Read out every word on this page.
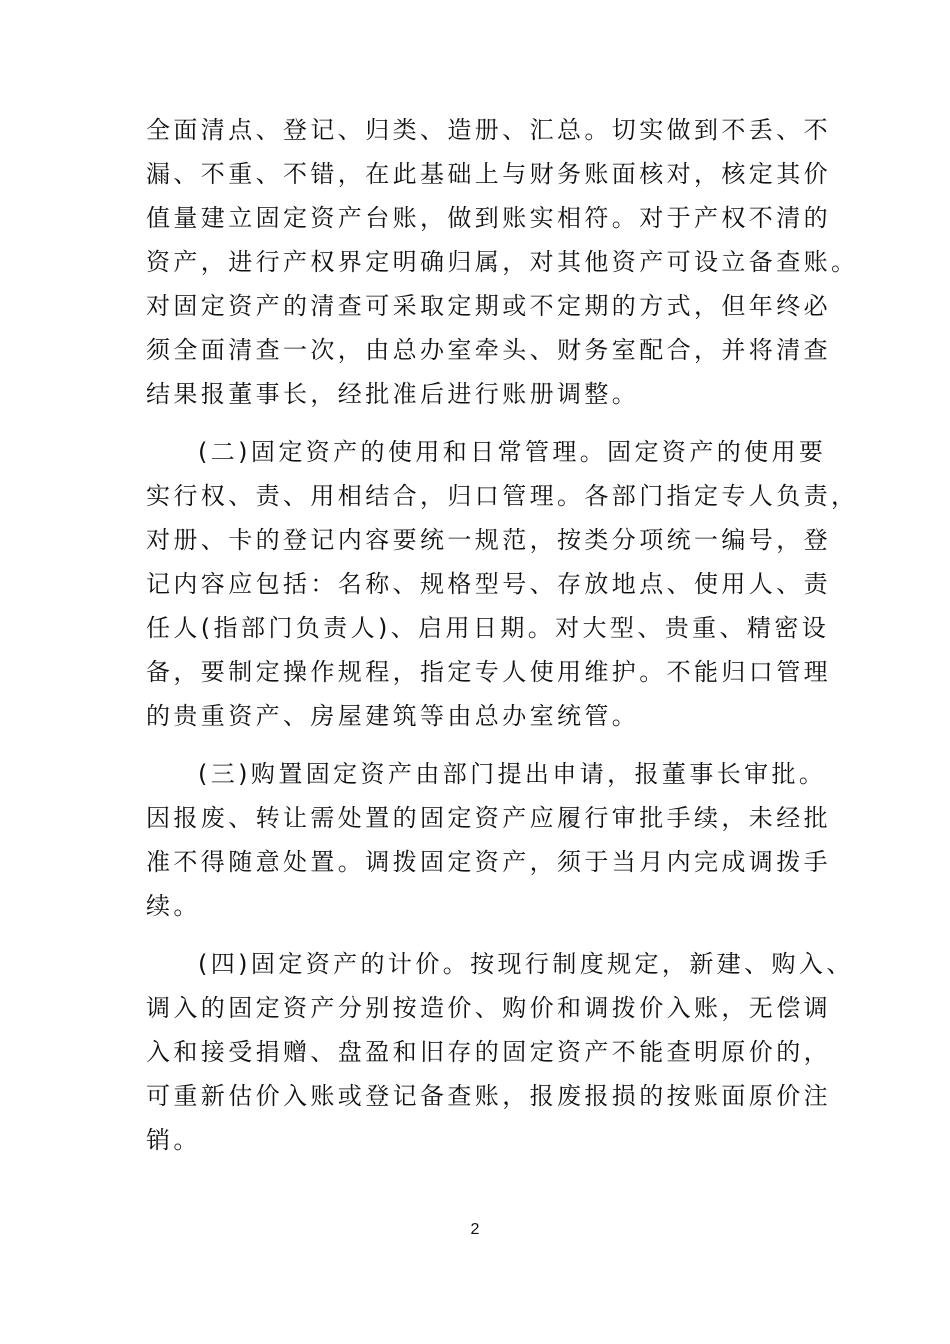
全面清点、登记、归类、造册、汇总。切实做到不丢、不
漏、不重、不错，在此基础上与财务账面核对，核定其价
值量建立固定资产台账，做到账实相符。对于产权不清的
资产，进行产权界定明确归属，对其他资产可设立备查账。
对固定资产的清查可采取定期或不定期的方式，但年终必
须全面清查一次，由总办室牵头、财务室配合，并将清查
结果报董事长，经批准后进行账册调整。
(二)固定资产的使用和日常管理。固定资产的使用要
实行权、责、用相结合，归口管理。各部门指定专人负责，
对册、卡的登记内容要统一规范，按类分项统一编号，登
记内容应包括：名称、规格型号、存放地点、使用人、责
任人(指部门负责人)、启用日期。对大型、贵重、精密设
备，要制定操作规程，指定专人使用维护。不能归口管理
的贵重资产、房屋建筑等由总办室统管。
(三)购置固定资产由部门提出申请，报董事长审批。
因报废、转让需处置的固定资产应履行审批手续，未经批
准不得随意处置。调拨固定资产，须于当月内完成调拨手
续。
(四)固定资产的计价。按现行制度规定，新建、购入、
调入的固定资产分别按造价、购价和调拨价入账，无偿调
入和接受捐赠、盘盈和旧存的固定资产不能查明原价的，
可重新估价入账或登记备查账，报废报损的按账面原价注
销。
2
